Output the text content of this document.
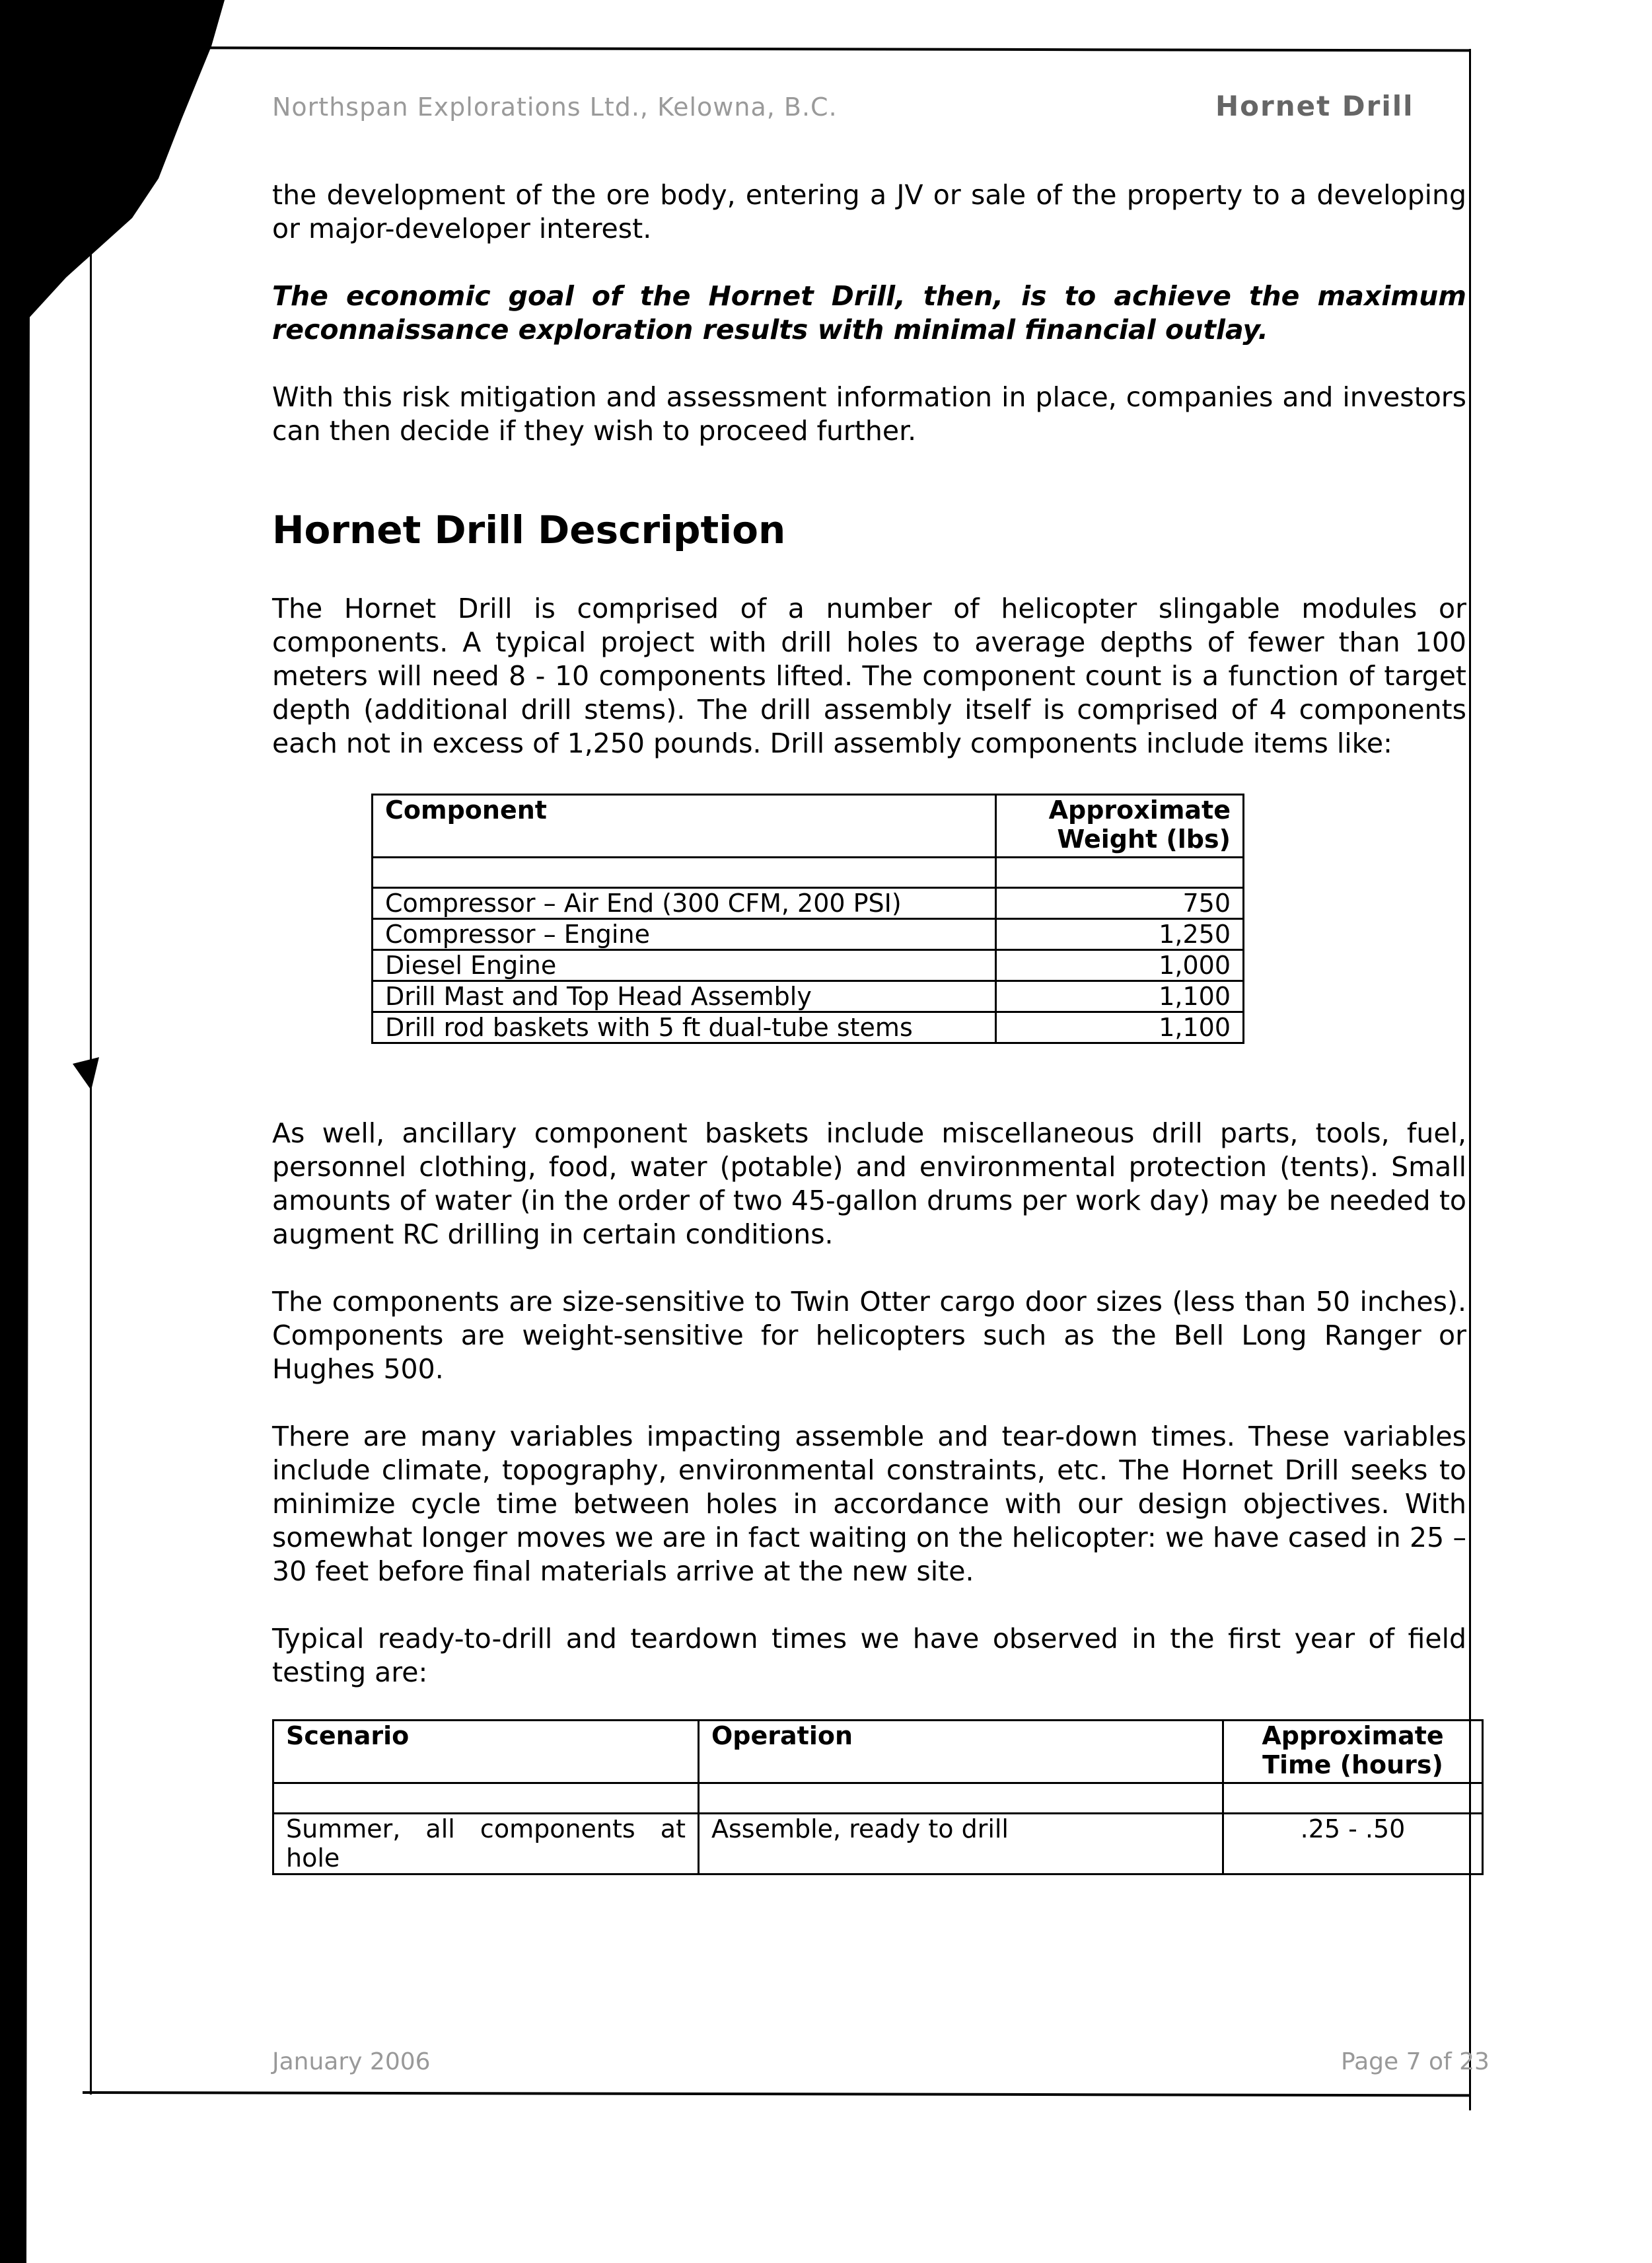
Northspan Explorations Ltd., Kelowna, B.C.	Hornet Drill

the development of the ore body, entering a JV or sale of the property to a developing or major-developer interest.

The economic goal of the Hornet Drill, then, is to achieve the maximum reconnaissance exploration results with minimal financial outlay.

With this risk mitigation and assessment information in place, companies and investors can then decide if they wish to proceed further.

Hornet Drill Description

The Hornet Drill is comprised of a number of helicopter slingable modules or components. A typical project with drill holes to average depths of fewer than 100 meters will need 8 - 10 components lifted. The component count is a function of target depth (additional drill stems). The drill assembly itself is comprised of 4 components each not in excess of 1,250 pounds. Drill assembly components include items like:

Component	Approximate Weight (lbs)

Compressor – Air End (300 CFM, 200 PSI)	750
Compressor – Engine	1,250
Diesel Engine	1,000
Drill Mast and Top Head Assembly	1,100
Drill rod baskets with 5 ft dual-tube stems	1,100

As well, ancillary component baskets include miscellaneous drill parts, tools, fuel, personnel clothing, food, water (potable) and environmental protection (tents). Small amounts of water (in the order of two 45-gallon drums per work day) may be needed to augment RC drilling in certain conditions.

The components are size-sensitive to Twin Otter cargo door sizes (less than 50 inches). Components are weight-sensitive for helicopters such as the Bell Long Ranger or Hughes 500.

There are many variables impacting assemble and tear-down times. These variables include climate, topography, environmental constraints, etc. The Hornet Drill seeks to minimize cycle time between holes in accordance with our design objectives. With somewhat longer moves we are in fact waiting on the helicopter: we have cased in 25 – 30 feet before final materials arrive at the new site.

Typical ready-to-drill and teardown times we have observed in the first year of field testing are:

Scenario	Operation	Approximate Time (hours)

Summer, all components at hole	Assemble, ready to drill	.25 - .50
January 2006	Page 7 of 23
